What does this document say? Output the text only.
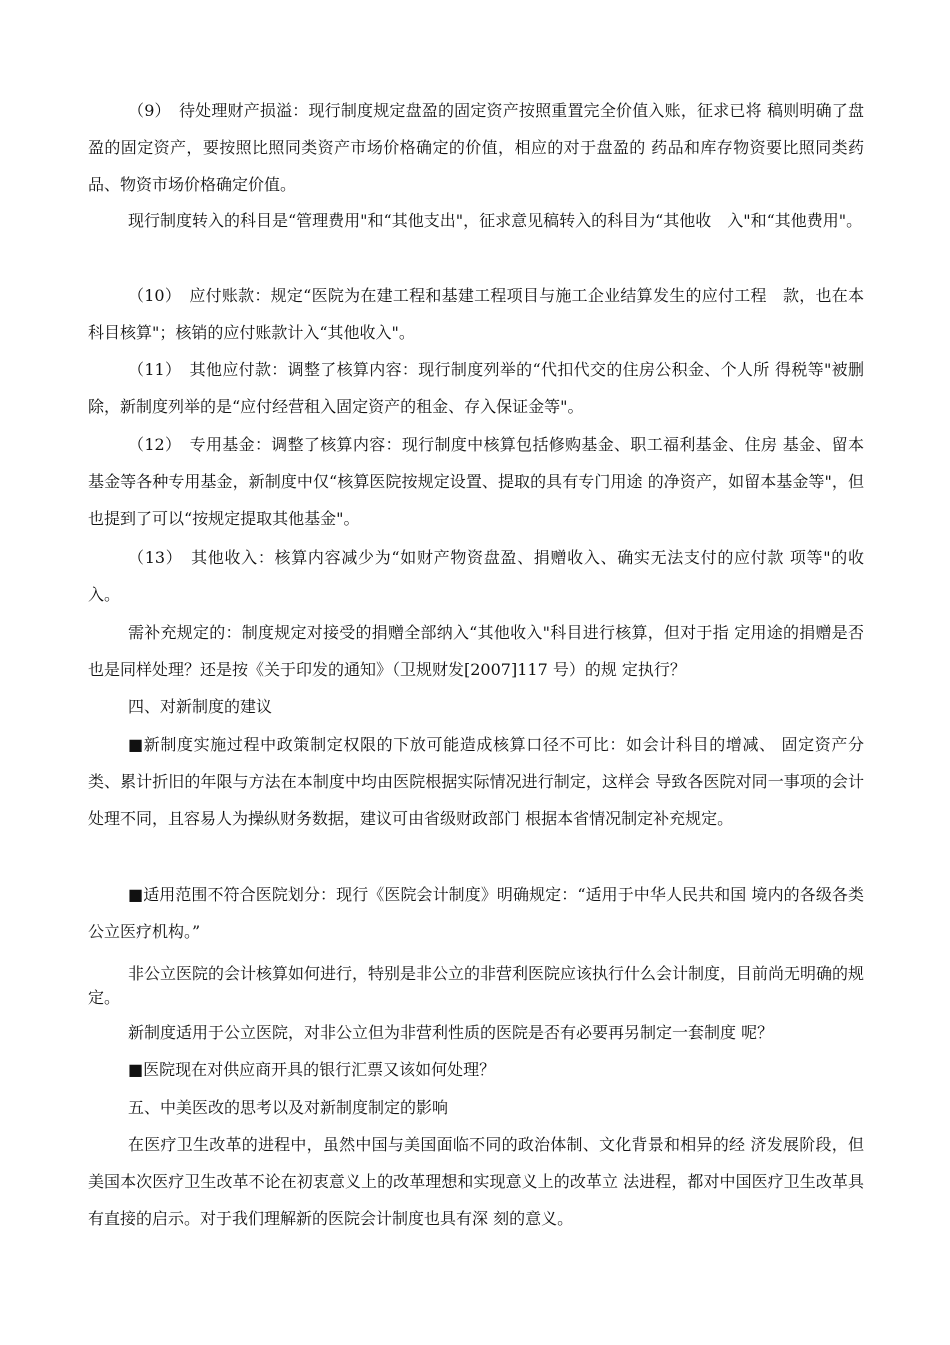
（9）　待处理财产损溢：现行制度规定盘盈的固定资产按照重置完全价值入账，征求已将 稿则明确了盘盈的固定资产，要按照比照同类资产市场价格确定的价值，相应的对于盘盈的 药品和库存物资要比照同类药品、物资市场价格确定价值。

现行制度转入的科目是“管理费用"和“其他支出"，征求意见稿转入的科目为“其他收　入"和“其他费用"。

（10）　应付账款：规定“医院为在建工程和基建工程项目与施工企业结算发生的应付工程　款，也在本科目核算"；核销的应付账款计入“其他收入"。

（11）　其他应付款：调整了核算内容：现行制度列举的“代扣代交的住房公积金、个人所 得税等"被删除，新制度列举的是“应付经营租入固定资产的租金、存入保证金等"。

（12）　专用基金：调整了核算内容：现行制度中核算包括修购基金、职工福利基金、住房 基金、留本基金等各种专用基金，新制度中仅“核算医院按规定设置、提取的具有专门用途 的净资产，如留本基金等"，但也提到了可以“按规定提取其他基金"。

（13）　其他收入：核算内容减少为“如财产物资盘盈、捐赠收入、确实无法支付的应付款 项等"的收入。

需补充规定的：制度规定对接受的捐赠全部纳入“其他收入"科目进行核算，但对于指 定用途的捐赠是否也是同样处理？还是按《关于印发的通知》（卫规财发[2007]117 号）的规 定执行？

四、对新制度的建议

■新制度实施过程中政策制定权限的下放可能造成核算口径不可比：如会计科目的增减、 固定资产分类、累计折旧的年限与方法在本制度中均由医院根据实际情况进行制定，这样会 导致各医院对同一事项的会计处理不同，且容易人为操纵财务数据，建议可由省级财政部门 根据本省情况制定补充规定。

■适用范围不符合医院划分：现行《医院会计制度》明确规定：“适用于中华人民共和国 境内的各级各类公立医疗机构。”

非公立医院的会计核算如何进行，特别是非公立的非营利医院应该执行什么会计制度，目前尚无明确的规定。

新制度适用于公立医院，对非公立但为非营利性质的医院是否有必要再另制定一套制度 呢？

■医院现在对供应商开具的银行汇票又该如何处理？

五、中美医改的思考以及对新制度制定的影响

在医疗卫生改革的进程中，虽然中国与美国面临不同的政治体制、文化背景和相异的经 济发展阶段，但美国本次医疗卫生改革不论在初衷意义上的改革理想和实现意义上的改革立 法进程，都对中国医疗卫生改革具有直接的启示。对于我们理解新的医院会计制度也具有深 刻的意义。
